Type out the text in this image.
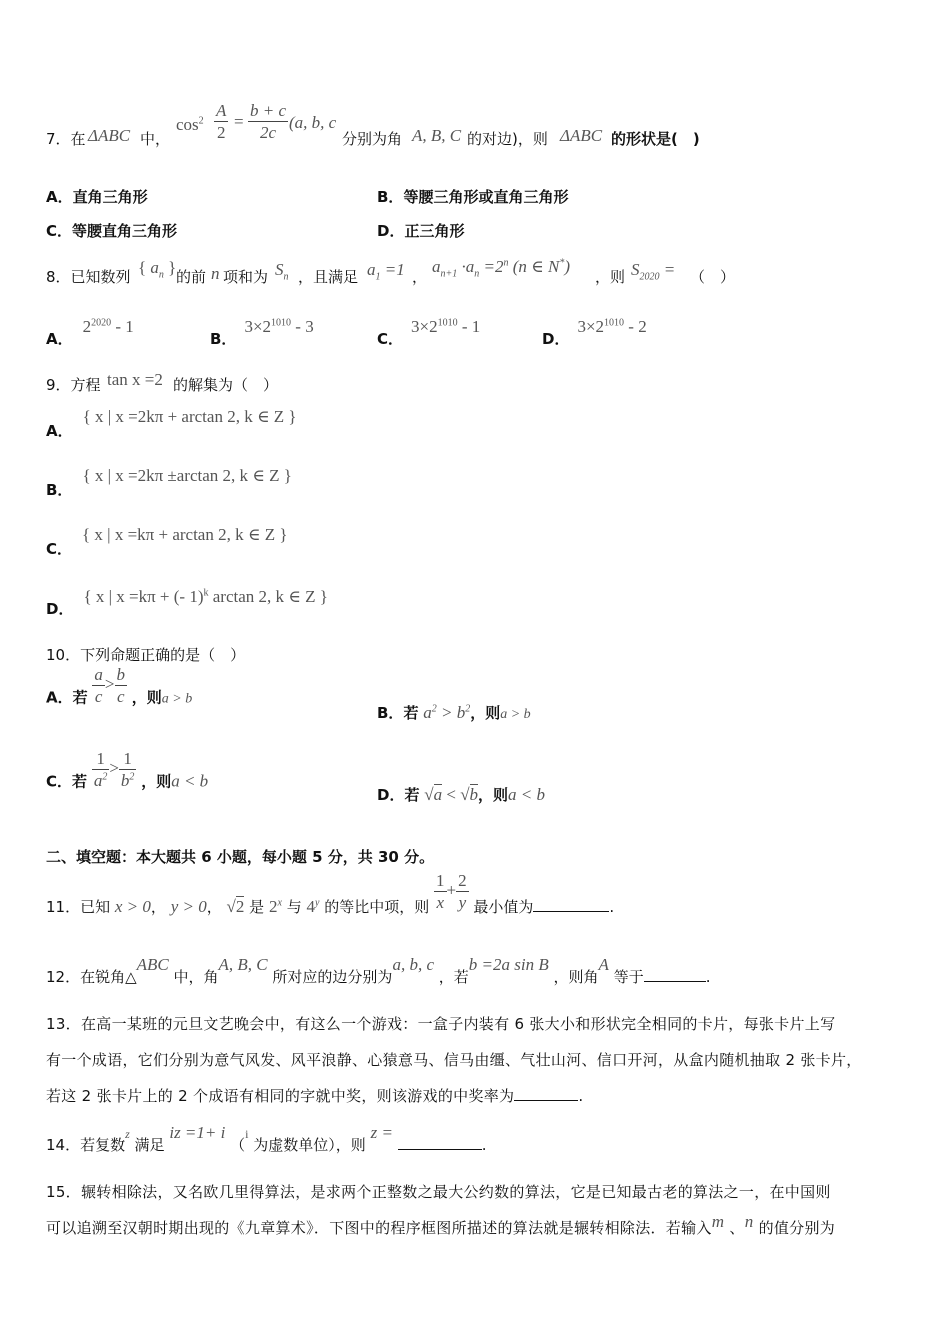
7．在 ΔABC 中，
$\cos^2 \frac{A}{2} = \frac{b + c}{2c} (a$, b, c
分别为角 A, B, C 的对边)，则 ΔABC 的形状是(　)
A．直角三角形	B．等腰三角形或直角三角形
C．等腰直角三角形	D．正三角形
8．已知数列 { $a_n$ } 的前 n 项和为 $S_n$ ，且满足 $a_1 =1$ ，
$a_{n+1} \cdot a_n =2^n$ (n ∈ N*)
，则 $S_{2020}$ = （　）
A．$2^{2020} - 1$
B．$3\times 2^{1010} - 3$
C．$3\times 2^{1010} - 1$
D．$3\times 2^{1010} - 2$
9．方程 tan x =2 的解集为（　）
A．{ x | x =2kπ + arctan 2, k ∈ Z }
B．{ x | x =2kπ ±arctan 2, k ∈ Z }
C．{ x | x =kπ + arctan 2, k ∈ Z }
D．{ x | x =kπ + (- 1)$^k$ arctan 2, k ∈ Z }
10．下列命题正确的是（　）
A．若 $\frac{a}{c} > \frac{b}{c}$ ，则a > b
B．若 $a^2 > b^2$，则a > b
C．若 $\frac{1}{a^2} > \frac{1}{b^2}$ ，则a < b
D．若 √a < √b，则a < b
二、填空题：本大题共 6 小题，每小题 5 分，共 30 分。
11．已知 x > 0， y > 0， √2 是 2$^x$ 与 4$^y$ 的等比中项，则 $\frac{1}{x} + \frac{2}{y}$ 最小值为	.
12．在锐角△ABC 中，角A, B, C 所对应的边分别为a, b, c ，若b =2a sin B ，则角A 等于	.
13．在高一某班的元旦文艺晚会中，有这么一个游戏：一盒子内装有 6 张大小和形状完全相同的卡片，每张卡片上写
有一个成语，它们分别为意气风发、风平浪静、心猿意马、信马由缰、气壮山河、信口开河，从盒内随机抽取 2 张卡片，
若这 2 张卡片上的 2 个成语有相同的字就中奖，则该游戏的中奖率为	.
14．若复数z 满足 iz =1+ i （i 为虚数单位），则 z = .
15．辗转相除法，又名欧几里得算法，是求两个正整数之最大公约数的算法，它是已知最古老的算法之一，在中国则
可以追溯至汉朝时期出现的《九章算术》．下图中的程序框图所描述的算法就是辗转相除法．若输入m 、n 的值分别为
